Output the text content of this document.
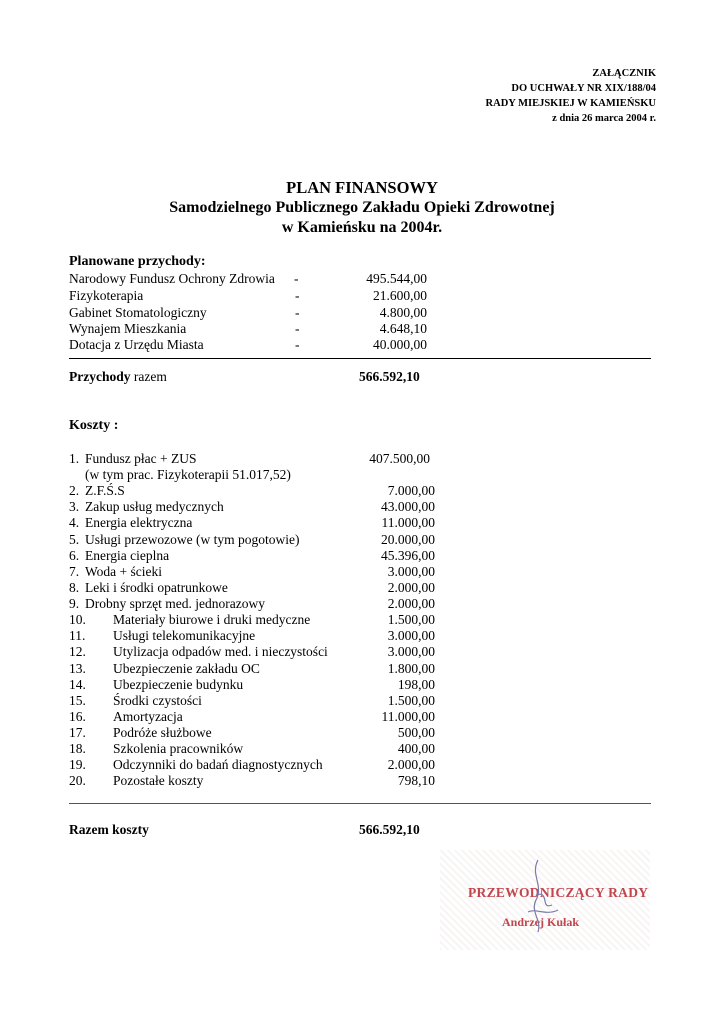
ZAŁĄCZNIK
DO UCHWAŁY NR XIX/188/04
RADY MIEJSKIEJ W KAMIEŃSKU
z dnia 26 marca 2004 r.
PLAN FINANSOWY
Samodzielnego Publicznego Zakładu Opieki Zdrowotnej
w Kamieńsku na 2004r.
Planowane przychody:
Narodowy Fundusz Ochrony Zdrowia -	495.544,00
Fizykoterapia	-	21.600,00
Gabinet Stomatologiczny	-	4.800,00
Wynajem Mieszkania	-	4.648,10
Dotacja z Urzędu Miasta	-	40.000,00
Przychody razem	566.592,10
Koszty :
1. Fundusz płac + ZUS	407.500,00
(w tym prac. Fizykoterapii 51.017,52)
2. Z.F.Ś.S	7.000,00
3. Zakup usług medycznych	43.000,00
4. Energia elektryczna	11.000,00
5. Usługi przewozowe (w tym pogotowie)	20.000,00
6. Energia cieplna	45.396,00
7. Woda + ścieki	3.000,00
8. Leki i środki opatrunkowe	2.000,00
9. Drobny sprzęt med. jednorazowy	2.000,00
10. Materiały biurowe i druki medyczne	1.500,00
11. Usługi telekomunikacyjne	3.000,00
12. Utylizacja odpadów med. i nieczystości	3.000,00
13. Ubezpieczenie zakładu OC	1.800,00
14. Ubezpieczenie budynku	198,00
15. Środki czystości	1.500,00
16. Amortyzacja	11.000,00
17. Podróże służbowe	500,00
18. Szkolenia pracowników	400,00
19. Odczynniki do badań diagnostycznych	2.000,00
20. Pozostałe koszty	798,10
Razem koszty	566.592,10
PRZEWODNICZĄCY RADY
Andrzej Kułak
